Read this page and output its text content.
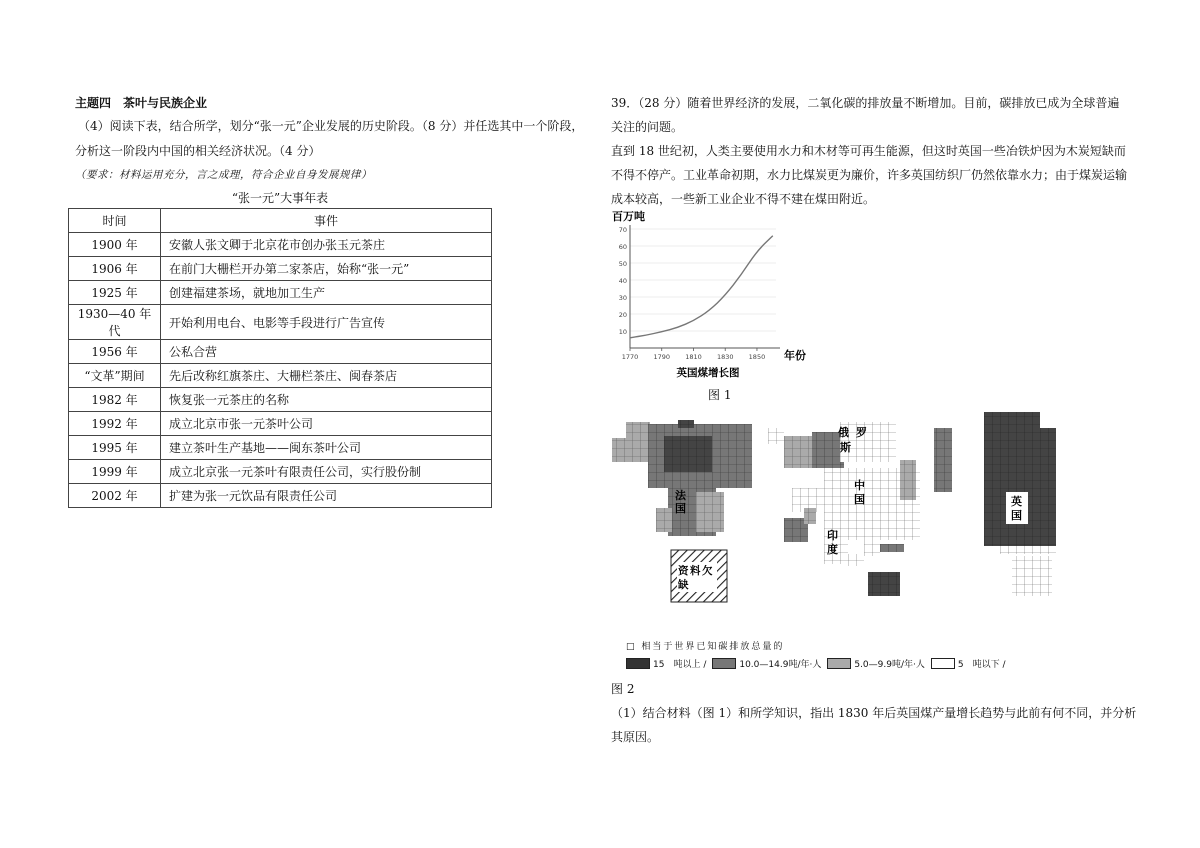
主题四　茶叶与民族企业
（4）阅读下表，结合所学，划分“张一元”企业发展的历史阶段。（8 分）并任选其中一个阶段，
分析这一阶段内中国的相关经济状况。（4 分）
（要求：材料运用充分，言之成理，符合企业自身发展规律）
“张一元”大事年表
时间	事件
1900 年	安徽人张文卿于北京花市创办张玉元茶庄
1906 年	在前门大栅栏开办第二家茶店，始称“张一元”
1925 年	创建福建茶场，就地加工生产
1930—40 年代	开始利用电台、电影等手段进行广告宣传
1956 年	公私合营
“文革”期间	先后改称红旗茶庄、大栅栏茶庄、闽春茶店
1982 年	恢复张一元茶庄的名称
1992 年	成立北京市张一元茶叶公司
1995 年	建立茶叶生产基地——闽东茶叶公司
1999 年	成立北京张一元茶叶有限责任公司，实行股份制
2002 年	扩建为张一元饮品有限责任公司
39．（28 分）随着世界经济的发展，二氧化碳的排放量不断增加。目前，碳排放已成为全球普遍
关注的问题。
直到 18 世纪初，人类主要使用水力和木材等可再生能源，但这时英国一些冶铁炉因为木炭短缺而
不得不停产。工业革命初期，水力比煤炭更为廉价，许多英国纺织厂仍然依靠水力；由于煤炭运输
成本较高，一些新工业企业不得不建在煤田附近。
百万吨
10
20
30
40
50
60
70
1770 1790 1810 1830 1850 年份
英国煤增长图
图 1
法
国
资 料 欠
缺
俄 罗
斯
中
国
印
度
英
国
□ 相当于世界已知碳排放总量的
15　吨以上 /	10.0—14.9吨/年·人	5.0—9.9吨/年·人	5　吨以下 /
图 2
（1）结合材料（图 1）和所学知识，指出 1830 年后英国煤产量增长趋势与此前有何不同，并分析
其原因。
